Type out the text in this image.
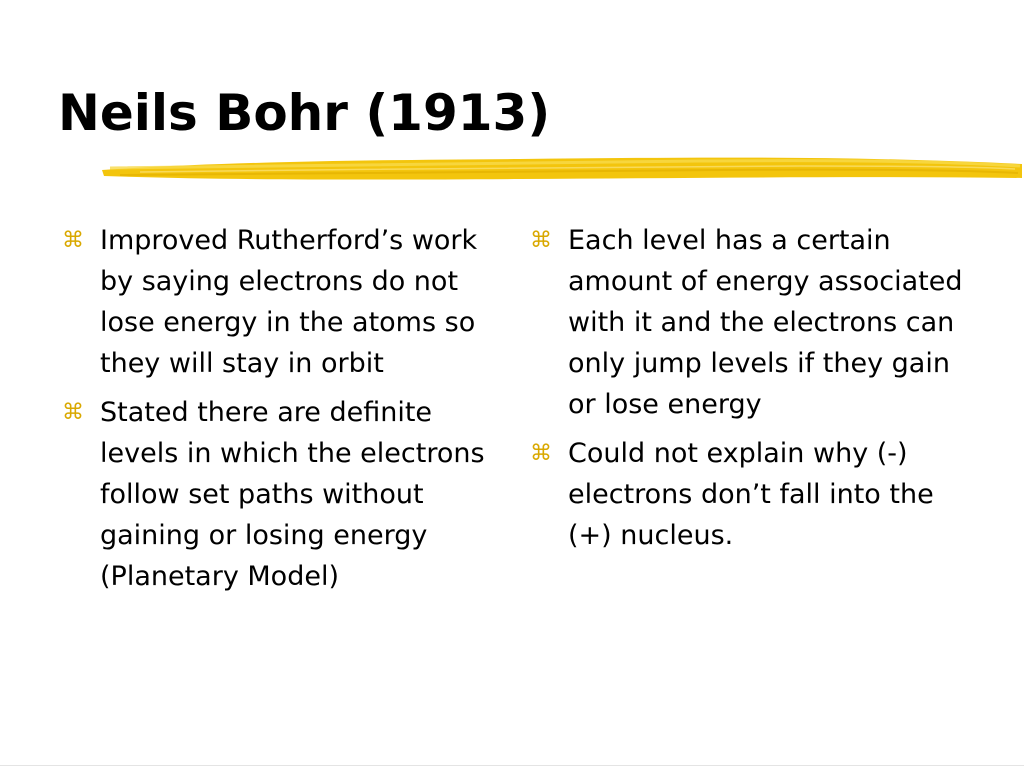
Neils Bohr (1913)
⌘ Improved Rutherford’s work by saying electrons do not lose energy in the atoms so they will stay in orbit
⌘ Stated there are definite levels in which the electrons follow set paths without gaining or losing energy (Planetary Model)
⌘ Each level has a certain amount of energy associated with it and the electrons can only jump levels if they gain or lose energy
⌘ Could not explain why (-) electrons don’t fall into the (+) nucleus.
